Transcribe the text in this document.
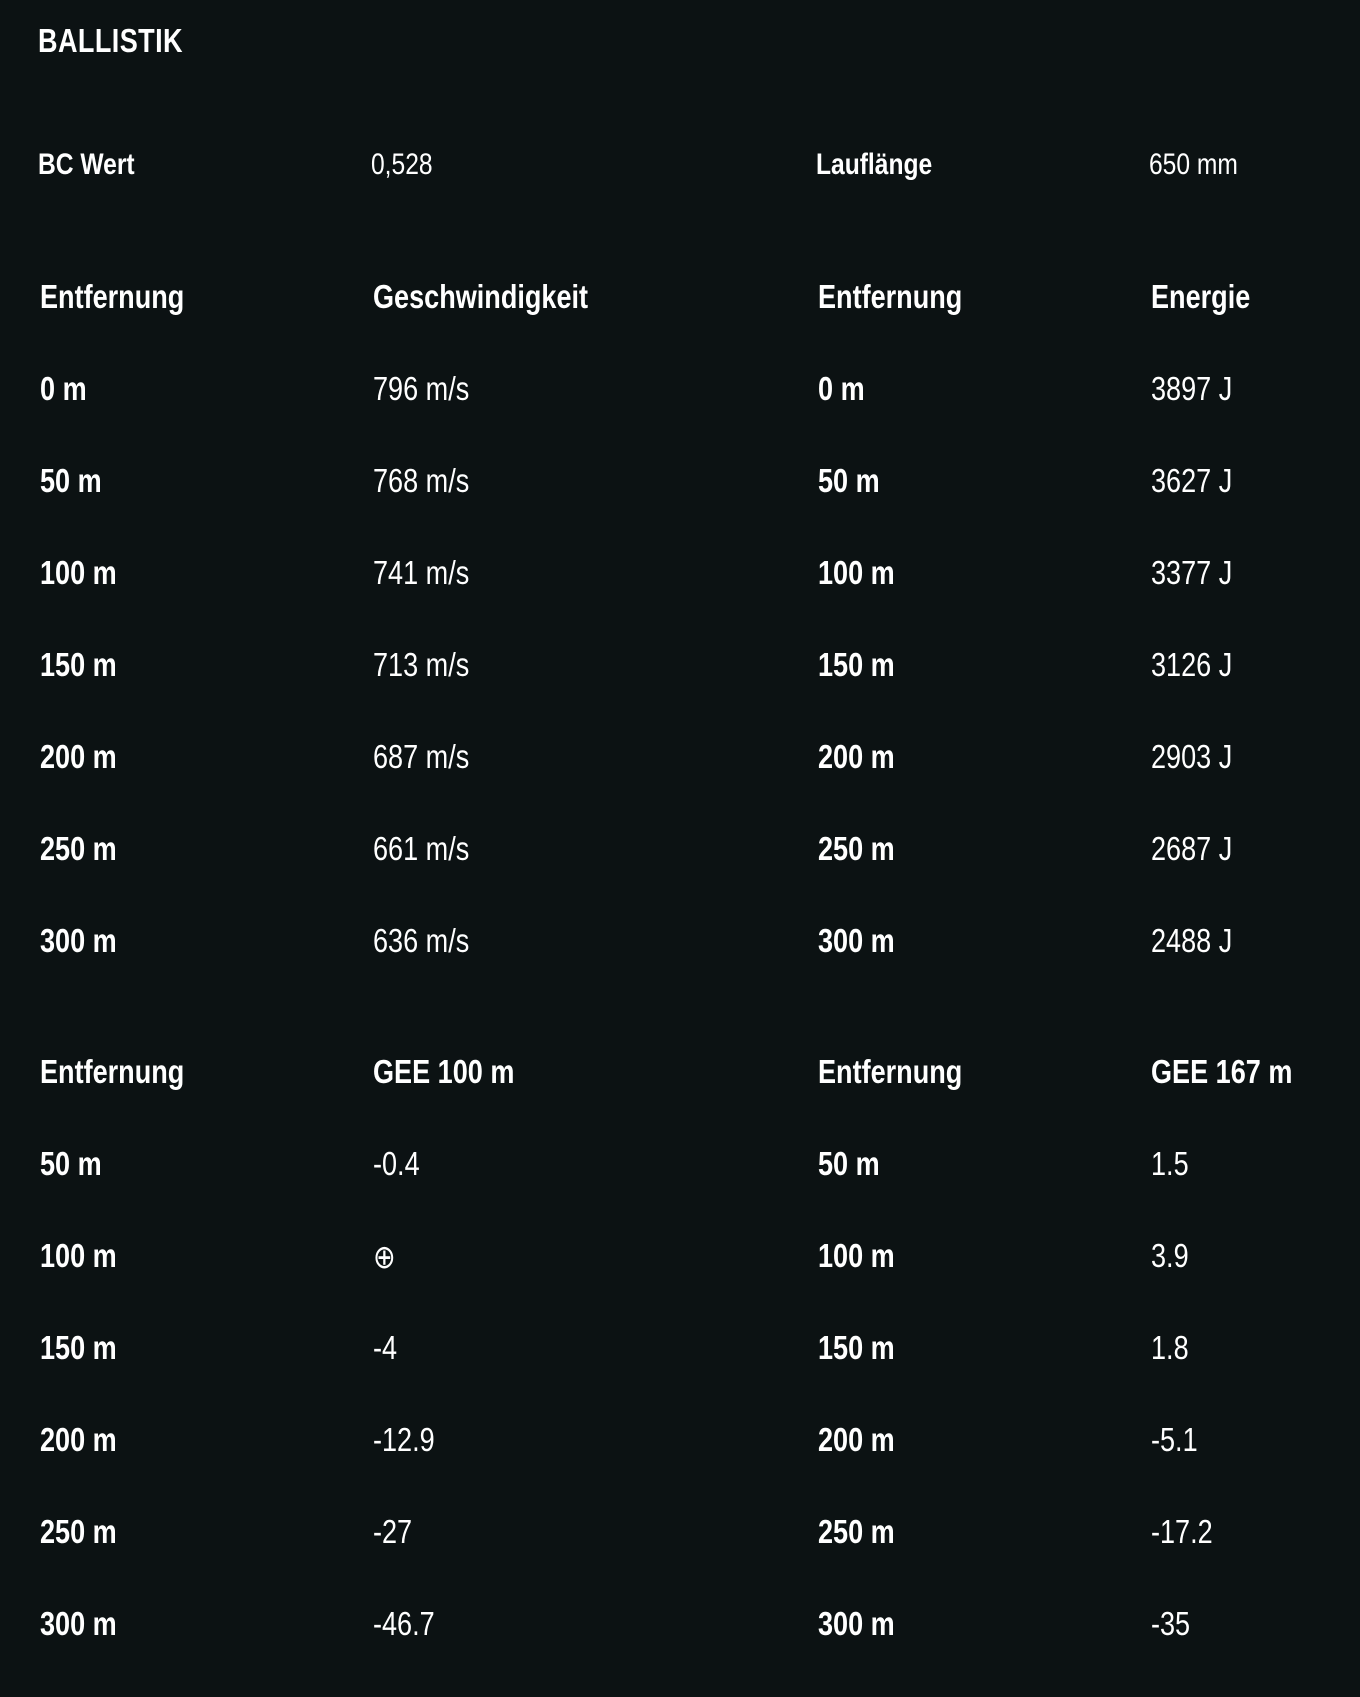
BALLISTIK
BC Wert	0,528	Lauflänge	650 mm
Entfernung	Geschwindigkeit	Entfernung	Energie
0 m	796 m/s	0 m	3897 J
50 m	768 m/s	50 m	3627 J
100 m	741 m/s	100 m	3377 J
150 m	713 m/s	150 m	3126 J
200 m	687 m/s	200 m	2903 J
250 m	661 m/s	250 m	2687 J
300 m	636 m/s	300 m	2488 J
Entfernung	GEE 100 m	Entfernung	GEE 167 m
50 m	-0.4	50 m	1.5
100 m	⊕	100 m	3.9
150 m	-4	150 m	1.8
200 m	-12.9	200 m	-5.1
250 m	-27	250 m	-17.2
300 m	-46.7	300 m	-35
